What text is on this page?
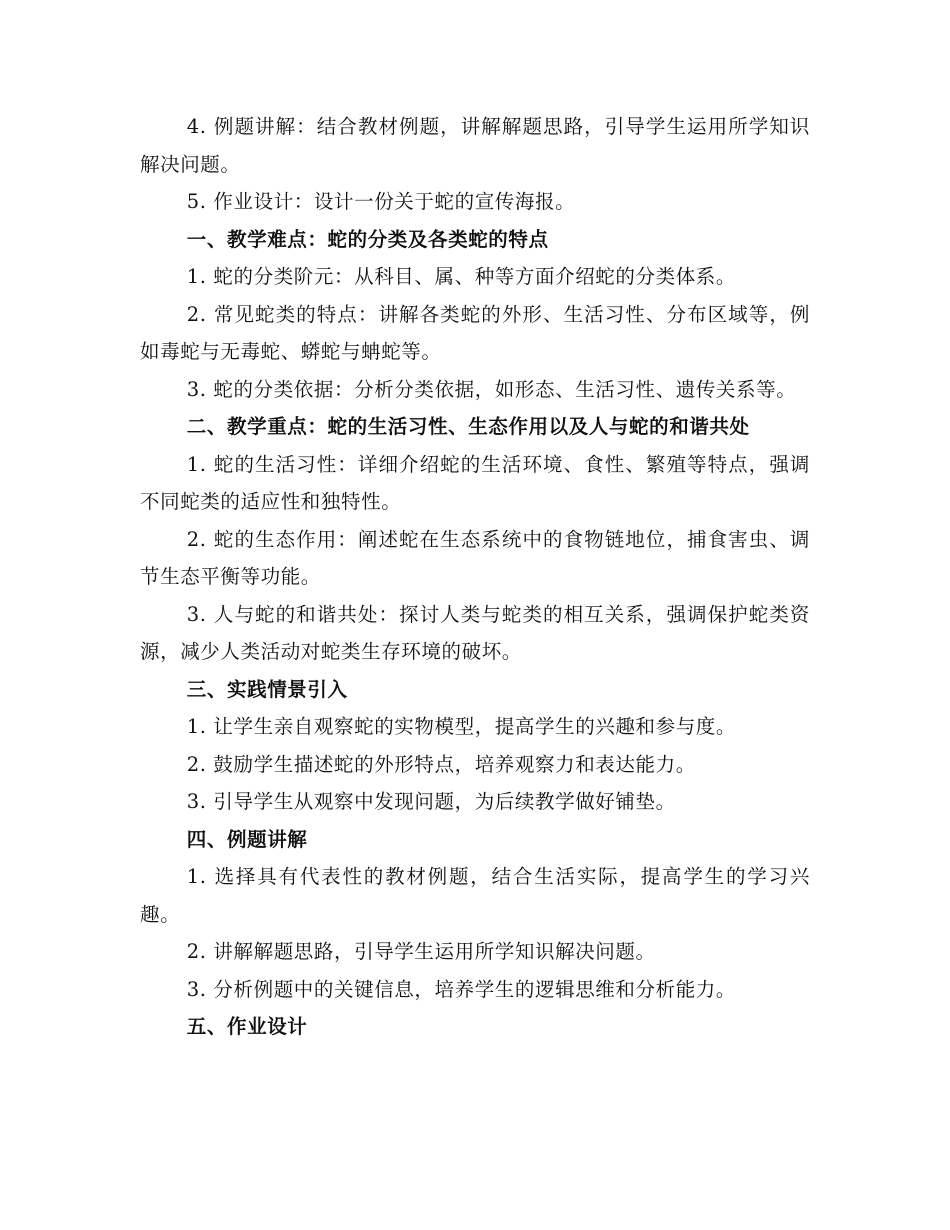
4. 例题讲解：结合教材例题，讲解解题思路，引导学生运用所学知识解决问题。

5. 作业设计：设计一份关于蛇的宣传海报。

一、教学难点：蛇的分类及各类蛇的特点

1. 蛇的分类阶元：从科目、属、种等方面介绍蛇的分类体系。

2. 常见蛇类的特点：讲解各类蛇的外形、生活习性、分布区域等，例如毒蛇与无毒蛇、蟒蛇与蚺蛇等。

3. 蛇的分类依据：分析分类依据，如形态、生活习性、遗传关系等。

二、教学重点：蛇的生活习性、生态作用以及人与蛇的和谐共处

1. 蛇的生活习性：详细介绍蛇的生活环境、食性、繁殖等特点，强调不同蛇类的适应性和独特性。

2. 蛇的生态作用：阐述蛇在生态系统中的食物链地位，捕食害虫、调节生态平衡等功能。

3. 人与蛇的和谐共处：探讨人类与蛇类的相互关系，强调保护蛇类资源，减少人类活动对蛇类生存环境的破坏。

三、实践情景引入

1. 让学生亲自观察蛇的实物模型，提高学生的兴趣和参与度。

2. 鼓励学生描述蛇的外形特点，培养观察力和表达能力。

3. 引导学生从观察中发现问题，为后续教学做好铺垫。

四、例题讲解

1. 选择具有代表性的教材例题，结合生活实际，提高学生的学习兴趣。

2. 讲解解题思路，引导学生运用所学知识解决问题。

3. 分析例题中的关键信息，培养学生的逻辑思维和分析能力。

五、作业设计
